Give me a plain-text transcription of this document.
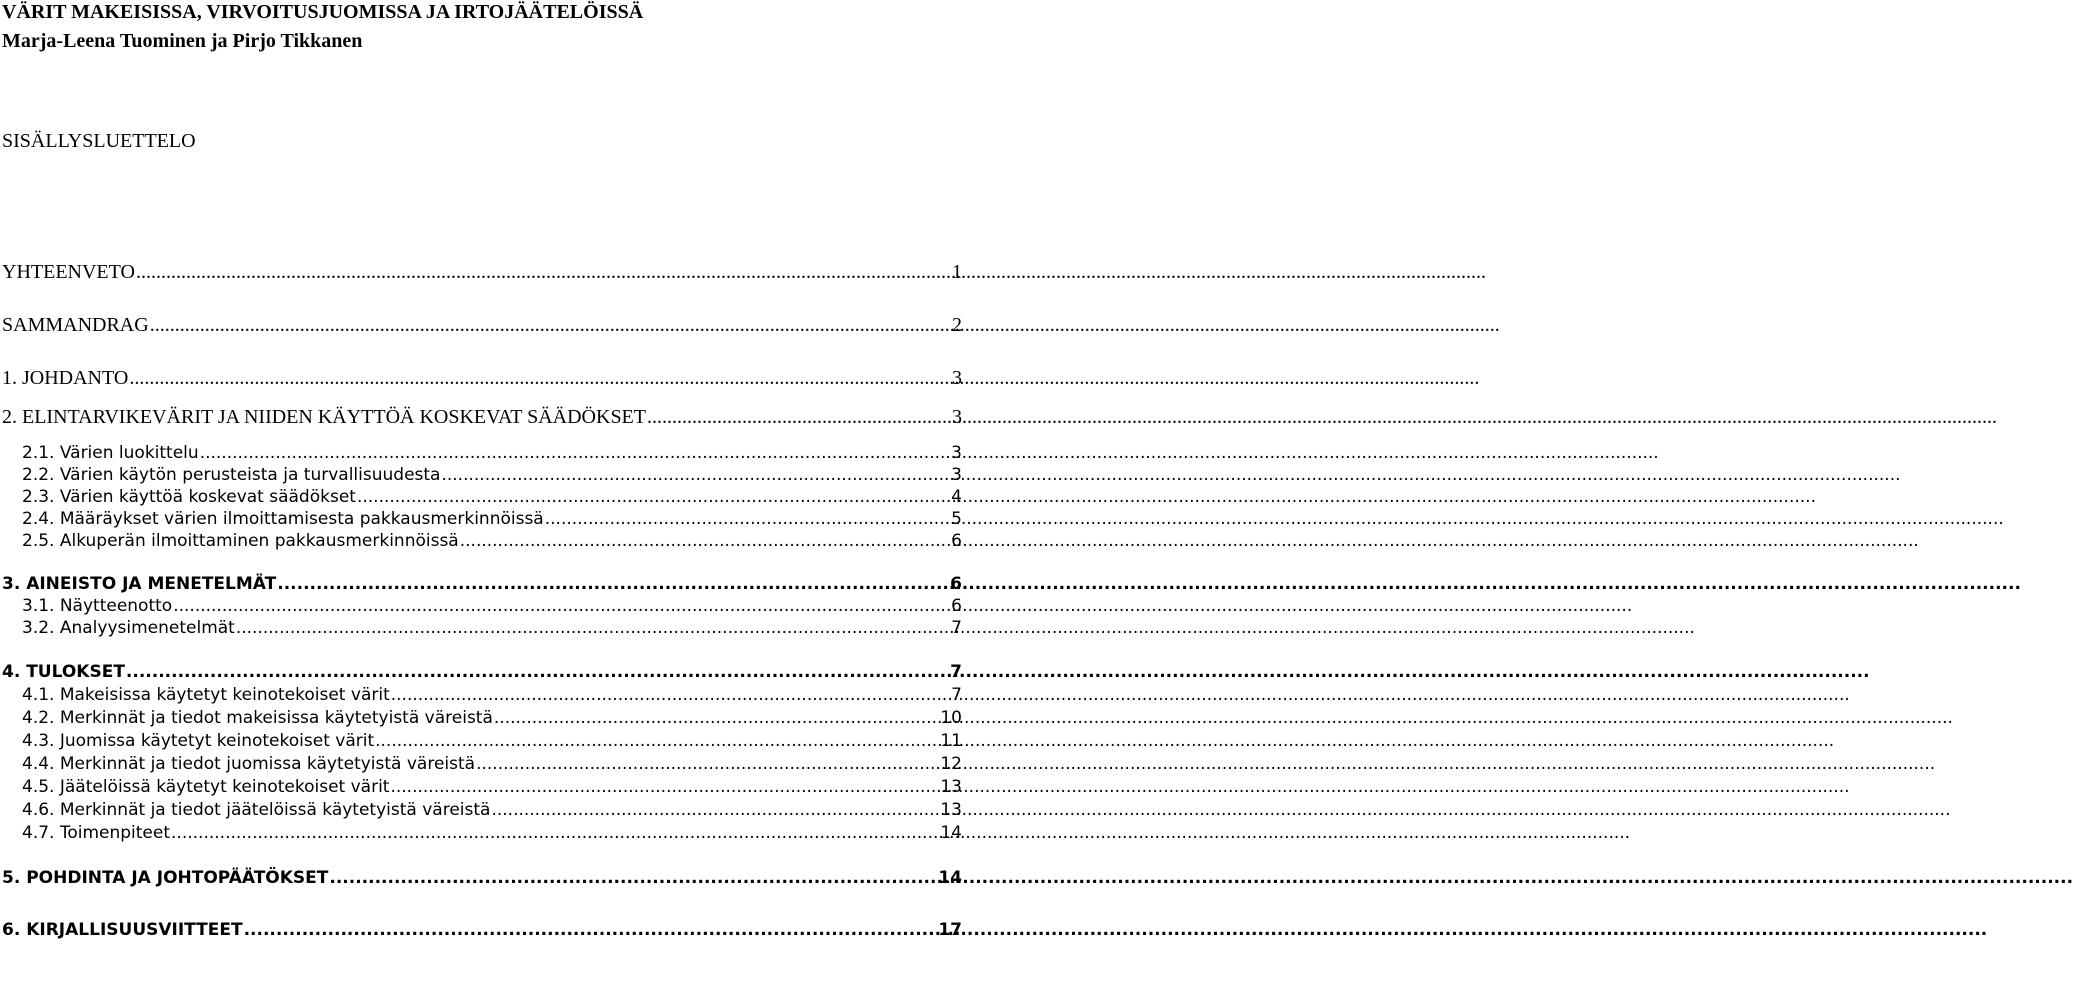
VÄRIT MAKEISISSA, VIRVOITUSJUOMISSA JA IRTOJÄÄTELÖISSÄ
Marja-Leena Tuominen ja Pirjo Tikkanen
SISÄLLYSLUETTELO
YHTEENVETO .....	1
SAMMANDRAG .....	2
1. JOHDANTO .....	3
2. ELINTARVIKEVÄRIT JA NIIDEN KÄYTTÖÄ KOSKEVAT SÄÄDÖKSET .....	3
2.1. Värien luokittelu .....	3
2.2. Värien käytön perusteista ja turvallisuudesta .....	3
2.3. Värien käyttöä koskevat säädökset .....	4
2.4. Määräykset värien ilmoittamisesta pakkausmerkinnöissä .....	5
2.5. Alkuperän ilmoittaminen pakkausmerkinnöissä .....	6
3. AINEISTO JA MENETELMÄT .....	6
3.1. Näytteenotto .....	6
3.2. Analyysimenetelmät .....	7
4. TULOKSET .....	7
4.1. Makeisissa käytetyt keinotekoiset värit .....	7
4.2. Merkinnät ja tiedot makeisissa käytetyistä väreistä .....	10
4.3. Juomissa käytetyt keinotekoiset värit .....	11
4.4. Merkinnät ja tiedot juomissa käytetyistä väreistä .....	12
4.5. Jäätelöissä käytetyt keinotekoiset värit .....	13
4.6. Merkinnät ja tiedot jäätelöissä käytetyistä väreistä .....	13
4.7. Toimenpiteet .....	14
5. POHDINTA JA JOHTOPÄÄTÖKSET .....	14
6. KIRJALLISUUSVIITTEET .....	17
